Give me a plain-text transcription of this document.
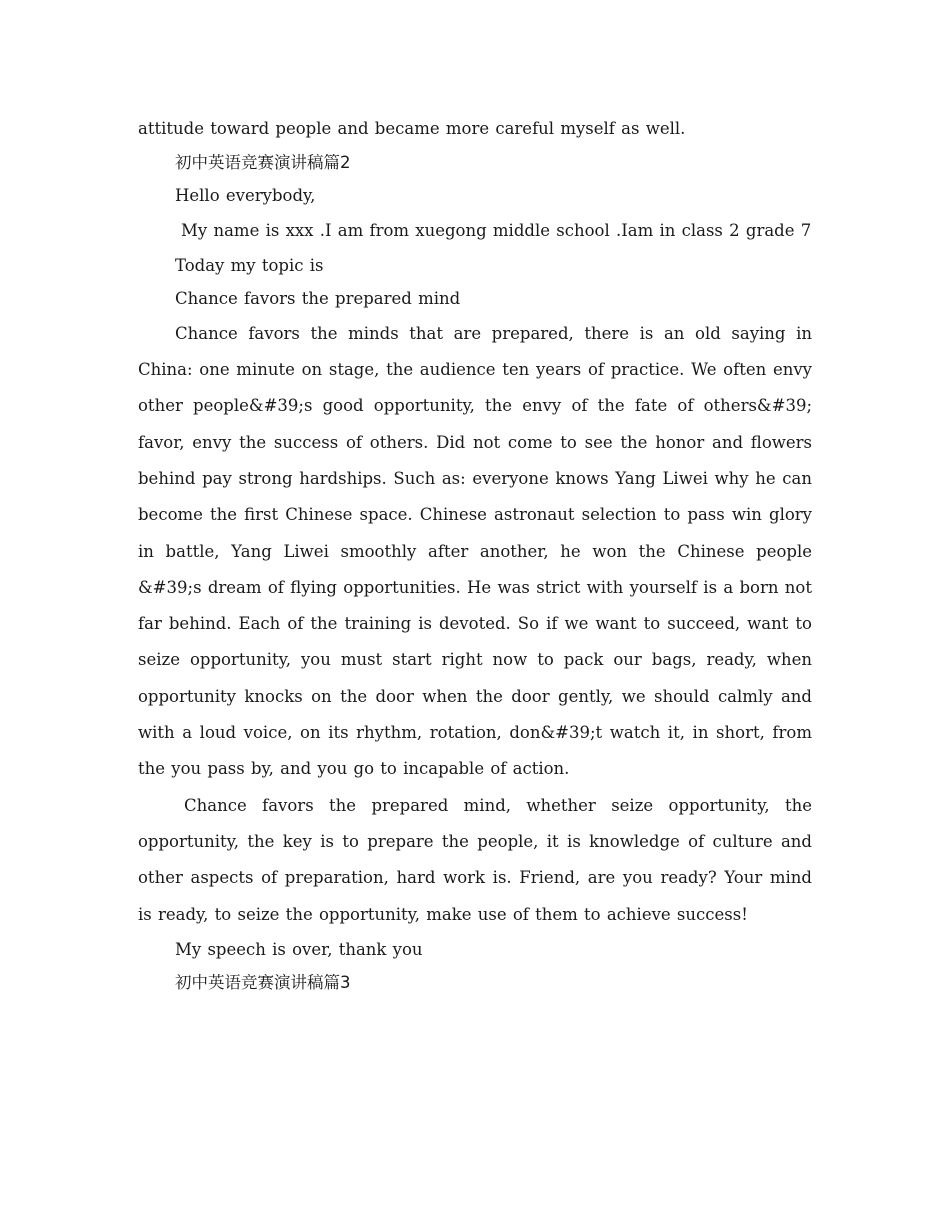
attitude toward people and became more careful myself as well.

初中英语竞赛演讲稿篇2

Hello everybody,

My name is xxx .I am from xuegong middle school .Iam in class 2 grade 7

Today my topic is

Chance favors the prepared mind

Chance favors the minds that are prepared, there is an old saying in China: one minute on stage, the audience ten years of practice. We often envy other people&#39;s good opportunity, the envy of the fate of others&#39; favor, envy the success of others. Did not come to see the honor and flowers behind pay strong hardships. Such as: everyone knows Yang Liwei why he can become the first Chinese space. Chinese astronaut selection to pass win glory in battle, Yang Liwei smoothly after another, he won the Chinese people &#39;s dream of flying opportunities. He was strict with yourself is a born not far behind. Each of the training is devoted. So if we want to succeed, want to seize opportunity, you must start right now to pack our bags, ready, when opportunity knocks on the door when the door gently, we should calmly and with a loud voice, on its rhythm, rotation, don&#39;t watch it, in short, from the you pass by, and you go to incapable of action.

Chance favors the prepared mind, whether seize opportunity, the opportunity, the key is to prepare the people, it is knowledge of culture and other aspects of preparation, hard work is. Friend, are you ready? Your mind is ready, to seize the opportunity, make use of them to achieve success!

My speech is over, thank you

初中英语竞赛演讲稿篇3
